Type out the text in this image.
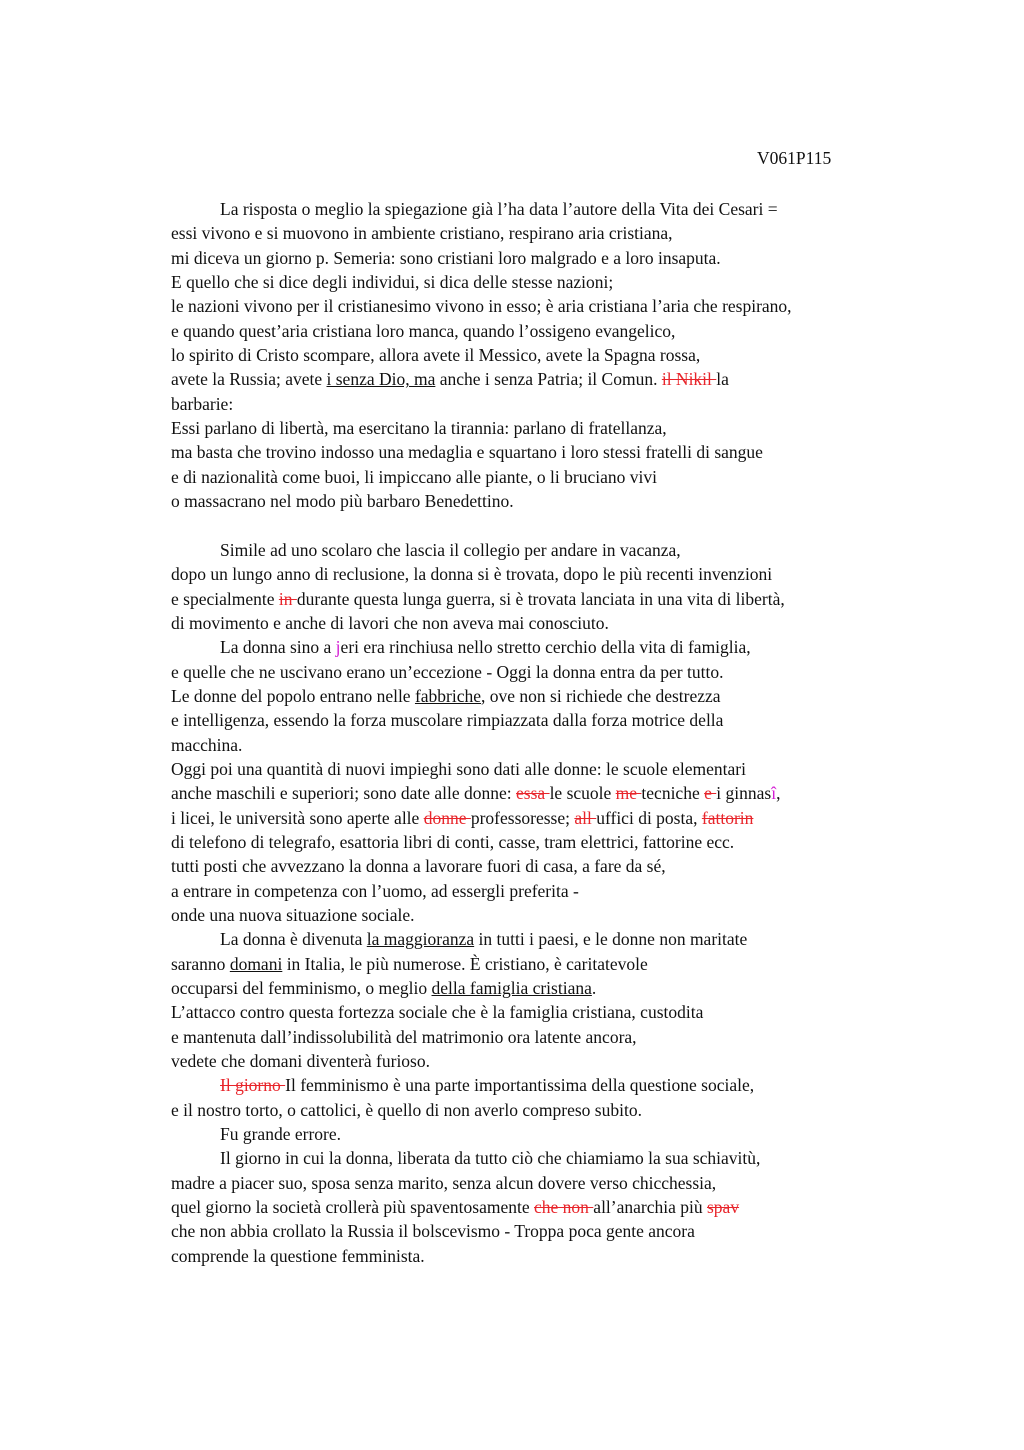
V061P115
La risposta o meglio la spiegazione già l’ha data l’autore della Vita dei Cesari =
essi vivono e si muovono in ambiente cristiano, respirano aria cristiana,
mi diceva un giorno p. Semeria: sono cristiani loro malgrado e a loro insaputa.
E quello che si dice degli individui, si dica delle stesse nazioni;
le nazioni vivono per il cristianesimo vivono in esso; è aria cristiana l’aria che respirano,
e quando quest’aria cristiana loro manca, quando l’ossigeno evangelico,
lo spirito di Cristo scompare, allora avete il Messico, avete la Spagna rossa,
avete la Russia; avete i senza Dio, ma anche i senza Patria; il Comun. il Nikil la
barbarie:
Essi parlano di libertà, ma esercitano la tirannia: parlano di fratellanza,
ma basta che trovino indosso una medaglia e squartano i loro stessi fratelli di sangue
e di nazionalità come buoi, li impiccano alle piante, o li bruciano vivi
o massacrano nel modo più barbaro Benedettino.
Simile ad uno scolaro che lascia il collegio per andare in vacanza,
dopo un lungo anno di reclusione, la donna si è trovata, dopo le più recenti invenzioni
e specialmente in durante questa lunga guerra, si è trovata lanciata in una vita di libertà,
di movimento e anche di lavori che non aveva mai conosciuto.
La donna sino a jeri era rinchiusa nello stretto cerchio della vita di famiglia,
e quelle che ne uscivano erano un’eccezione - Oggi la donna entra da per tutto.
Le donne del popolo entrano nelle fabbriche, ove non si richiede che destrezza
e intelligenza, essendo la forza muscolare rimpiazzata dalla forza motrice della
macchina.
Oggi poi una quantità di nuovi impieghi sono dati alle donne: le scuole elementari
anche maschili e superiori; sono date alle donne: essa le scuole me tecniche e i ginnasî,
i licei, le università sono aperte alle donne professoresse; all uffici di posta, fattorin
di telefono di telegrafo, esattoria libri di conti, casse, tram elettrici, fattorine ecc.
tutti posti che avvezzano la donna a lavorare fuori di casa, a fare da sé,
a entrare in competenza con l’uomo, ad essergli preferita -
onde una nuova situazione sociale.
La donna è divenuta la maggioranza in tutti i paesi, e le donne non maritate
saranno domani in Italia, le più numerose. È cristiano, è caritatevole
occuparsi del femminismo, o meglio della famiglia cristiana.
L’attacco contro questa fortezza sociale che è la famiglia cristiana, custodita
e mantenuta dall’indissolubilità del matrimonio ora latente ancora,
vedete che domani diventerà furioso.
Il giorno Il femminismo è una parte importantissima della questione sociale,
e il nostro torto, o cattolici, è quello di non averlo compreso subito.
Fu grande errore.
Il giorno in cui la donna, liberata da tutto ciò che chiamiamo la sua schiavitù,
madre a piacer suo, sposa senza marito, senza alcun dovere verso chicchessia,
quel giorno la società crollerà più spaventosamente che non all’anarchia più spav
che non abbia crollato la Russia il bolscevismo - Troppa poca gente ancora
comprende la questione femminista.
